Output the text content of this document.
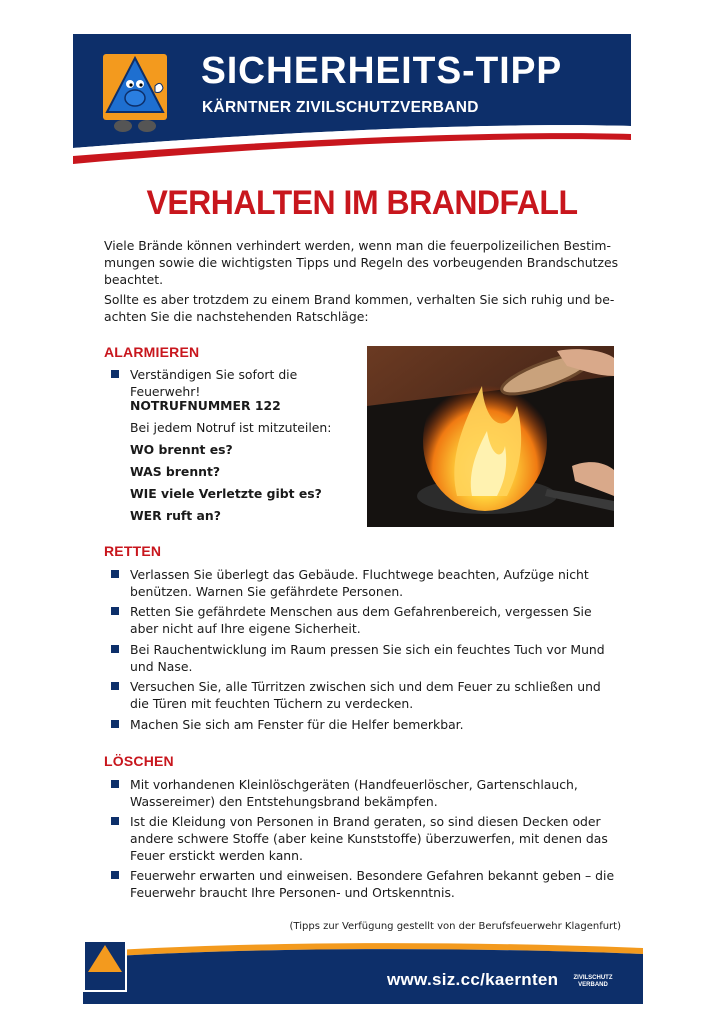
SICHERHEITS-TIPP
KÄRNTNER ZIVILSCHUTZVERBAND
VERHALTEN IM BRANDFALL
Viele Brände können verhindert werden, wenn man die feuerpolizeilichen Bestim-mungen sowie die wichtigsten Tipps und Regeln des vorbeugenden Brandschutzes beachtet.
Sollte es aber trotzdem zu einem Brand kommen, verhalten Sie sich ruhig und be-achten Sie die nachstehenden Ratschläge:
ALARMIEREN
Verständigen Sie sofort die Feuerwehr!
NOTRUFNUMMER 122
Bei jedem Notruf ist mitzuteilen:
WO brennt es?
WAS brennt?
WIE viele Verletzte gibt es?
WER ruft an?
RETTEN
Verlassen Sie überlegt das Gebäude. Fluchtwege beachten, Aufzüge nicht benützen. Warnen Sie gefährdete Personen.
Retten Sie gefährdete Menschen aus dem Gefahrenbereich, vergessen Sie aber nicht auf Ihre eigene Sicherheit.
Bei Rauchentwicklung im Raum pressen Sie sich ein feuchtes Tuch vor Mund und Nase.
Versuchen Sie, alle Türritzen zwischen sich und dem Feuer zu schließen und die Türen mit feuchten Tüchern zu verdecken.
Machen Sie sich am Fenster für die Helfer bemerkbar.
LÖSCHEN
Mit vorhandenen Kleinlöschgeräten (Handfeuerlöscher, Gartenschlauch, Wassereimer) den Entstehungsbrand bekämpfen.
Ist die Kleidung von Personen in Brand geraten, so sind diesen Decken oder andere schwere Stoffe (aber keine Kunststoffe) überzuwerfen, mit denen das Feuer erstickt werden kann.
Feuerwehr erwarten und einweisen. Besondere Gefahren bekannt geben – die Feuerwehr braucht Ihre Personen- und Ortskenntnis.
(Tipps zur Verfügung gestellt von der Berufsfeuerwehr Klagenfurt)
ZIVILSCHUTZ
VERBAND
www.siz.cc/kaernten
